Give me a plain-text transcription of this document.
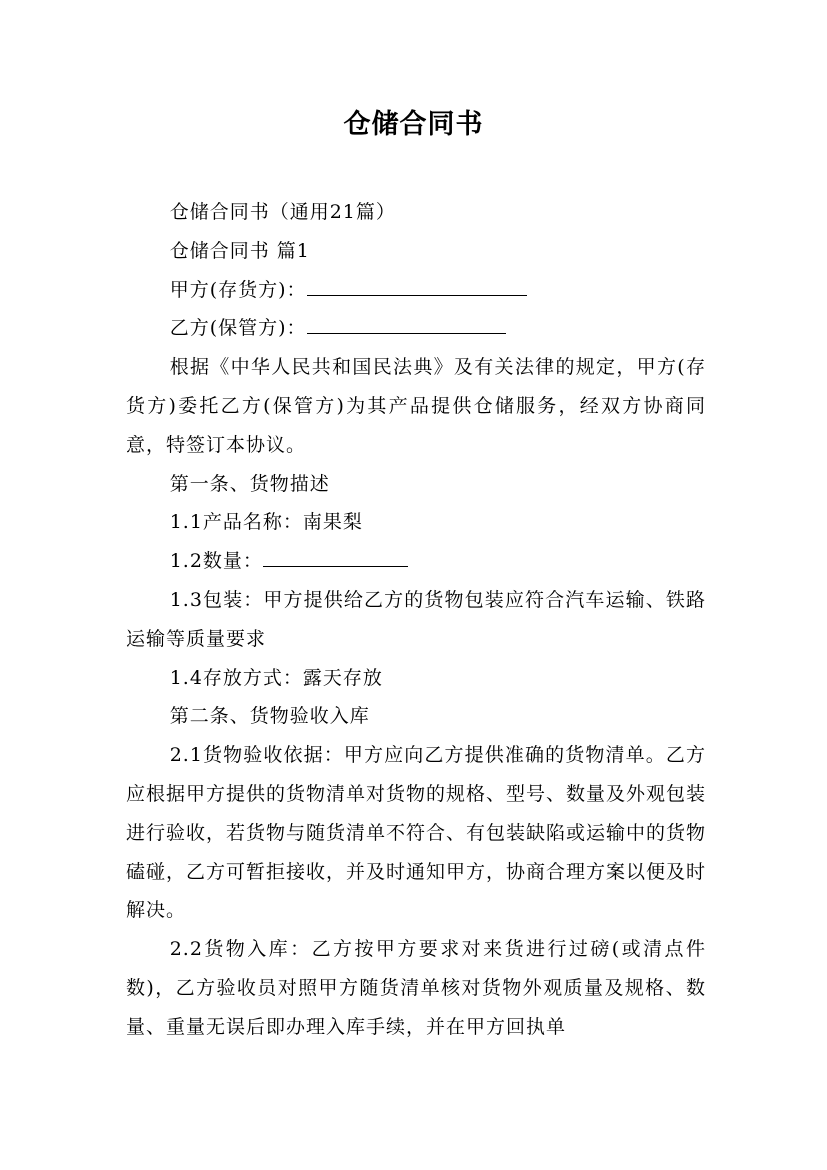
仓储合同书

仓储合同书（通用21篇）

仓储合同书 篇1

甲方(存货方)：

乙方(保管方)：

根据《中华人民共和国民法典》及有关法律的规定，甲方(存货方)委托乙方(保管方)为其产品提供仓储服务，经双方协商同意，特签订本协议。

第一条、货物描述

1.1产品名称：南果梨

1.2数量：

1.3包装：甲方提供给乙方的货物包装应符合汽车运输、铁路运输等质量要求

1.4存放方式：露天存放

第二条、货物验收入库

2.1货物验收依据：甲方应向乙方提供准确的货物清单。乙方应根据甲方提供的货物清单对货物的规格、型号、数量及外观包装进行验收，若货物与随货清单不符合、有包装缺陷或运输中的货物磕碰，乙方可暂拒接收，并及时通知甲方，协商合理方案以便及时解决。

2.2货物入库：乙方按甲方要求对来货进行过磅(或清点件数)，乙方验收员对照甲方随货清单核对货物外观质量及规格、数量、重量无误后即办理入库手续，并在甲方回执单
